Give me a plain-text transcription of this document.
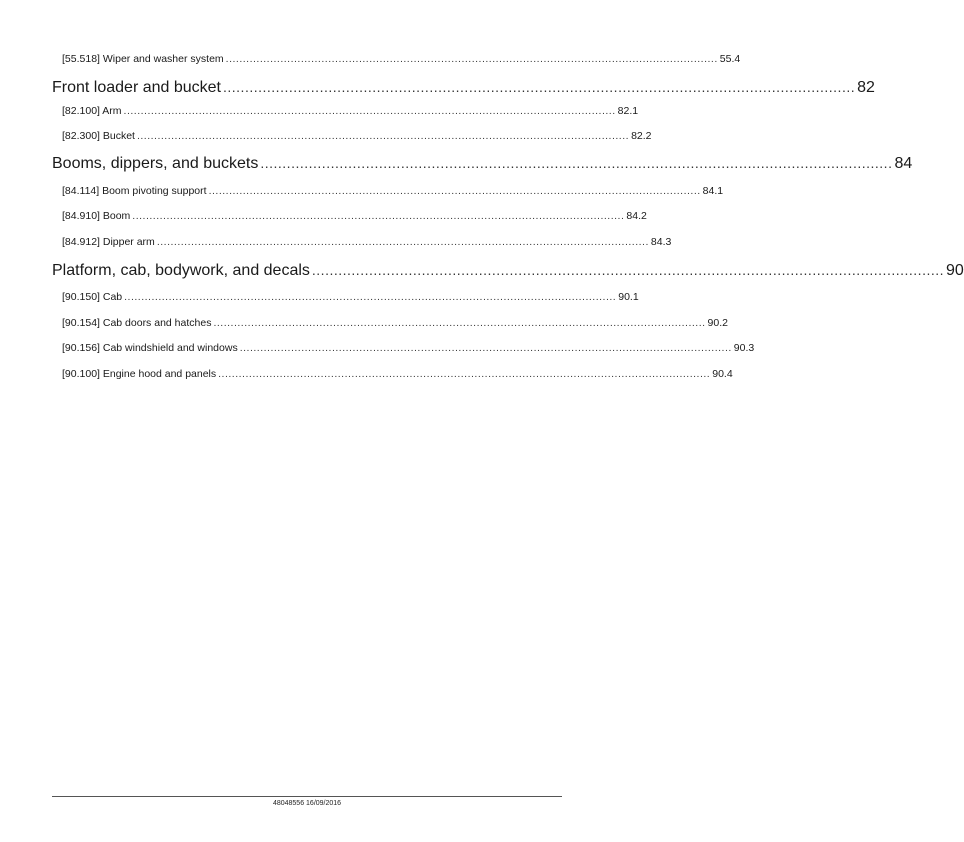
[55.518] Wiper and washer system ................................................................................................................................................ 55.4
Front loader and bucket ................................................................................................................................................ 82
[82.100] Arm ................................................................................................................................................ 82.1
[82.300] Bucket ................................................................................................................................................ 82.2
Booms, dippers, and buckets ................................................................................................................................................ 84
[84.114] Boom pivoting support ................................................................................................................................................ 84.1
[84.910] Boom ................................................................................................................................................ 84.2
[84.912] Dipper arm ................................................................................................................................................ 84.3
Platform, cab, bodywork, and decals ................................................................................................................................................ 90
[90.150] Cab ................................................................................................................................................ 90.1
[90.154] Cab doors and hatches ................................................................................................................................................ 90.2
[90.156] Cab windshield and windows ................................................................................................................................................ 90.3
[90.100] Engine hood and panels ................................................................................................................................................ 90.4
48048556 16/09/2016
